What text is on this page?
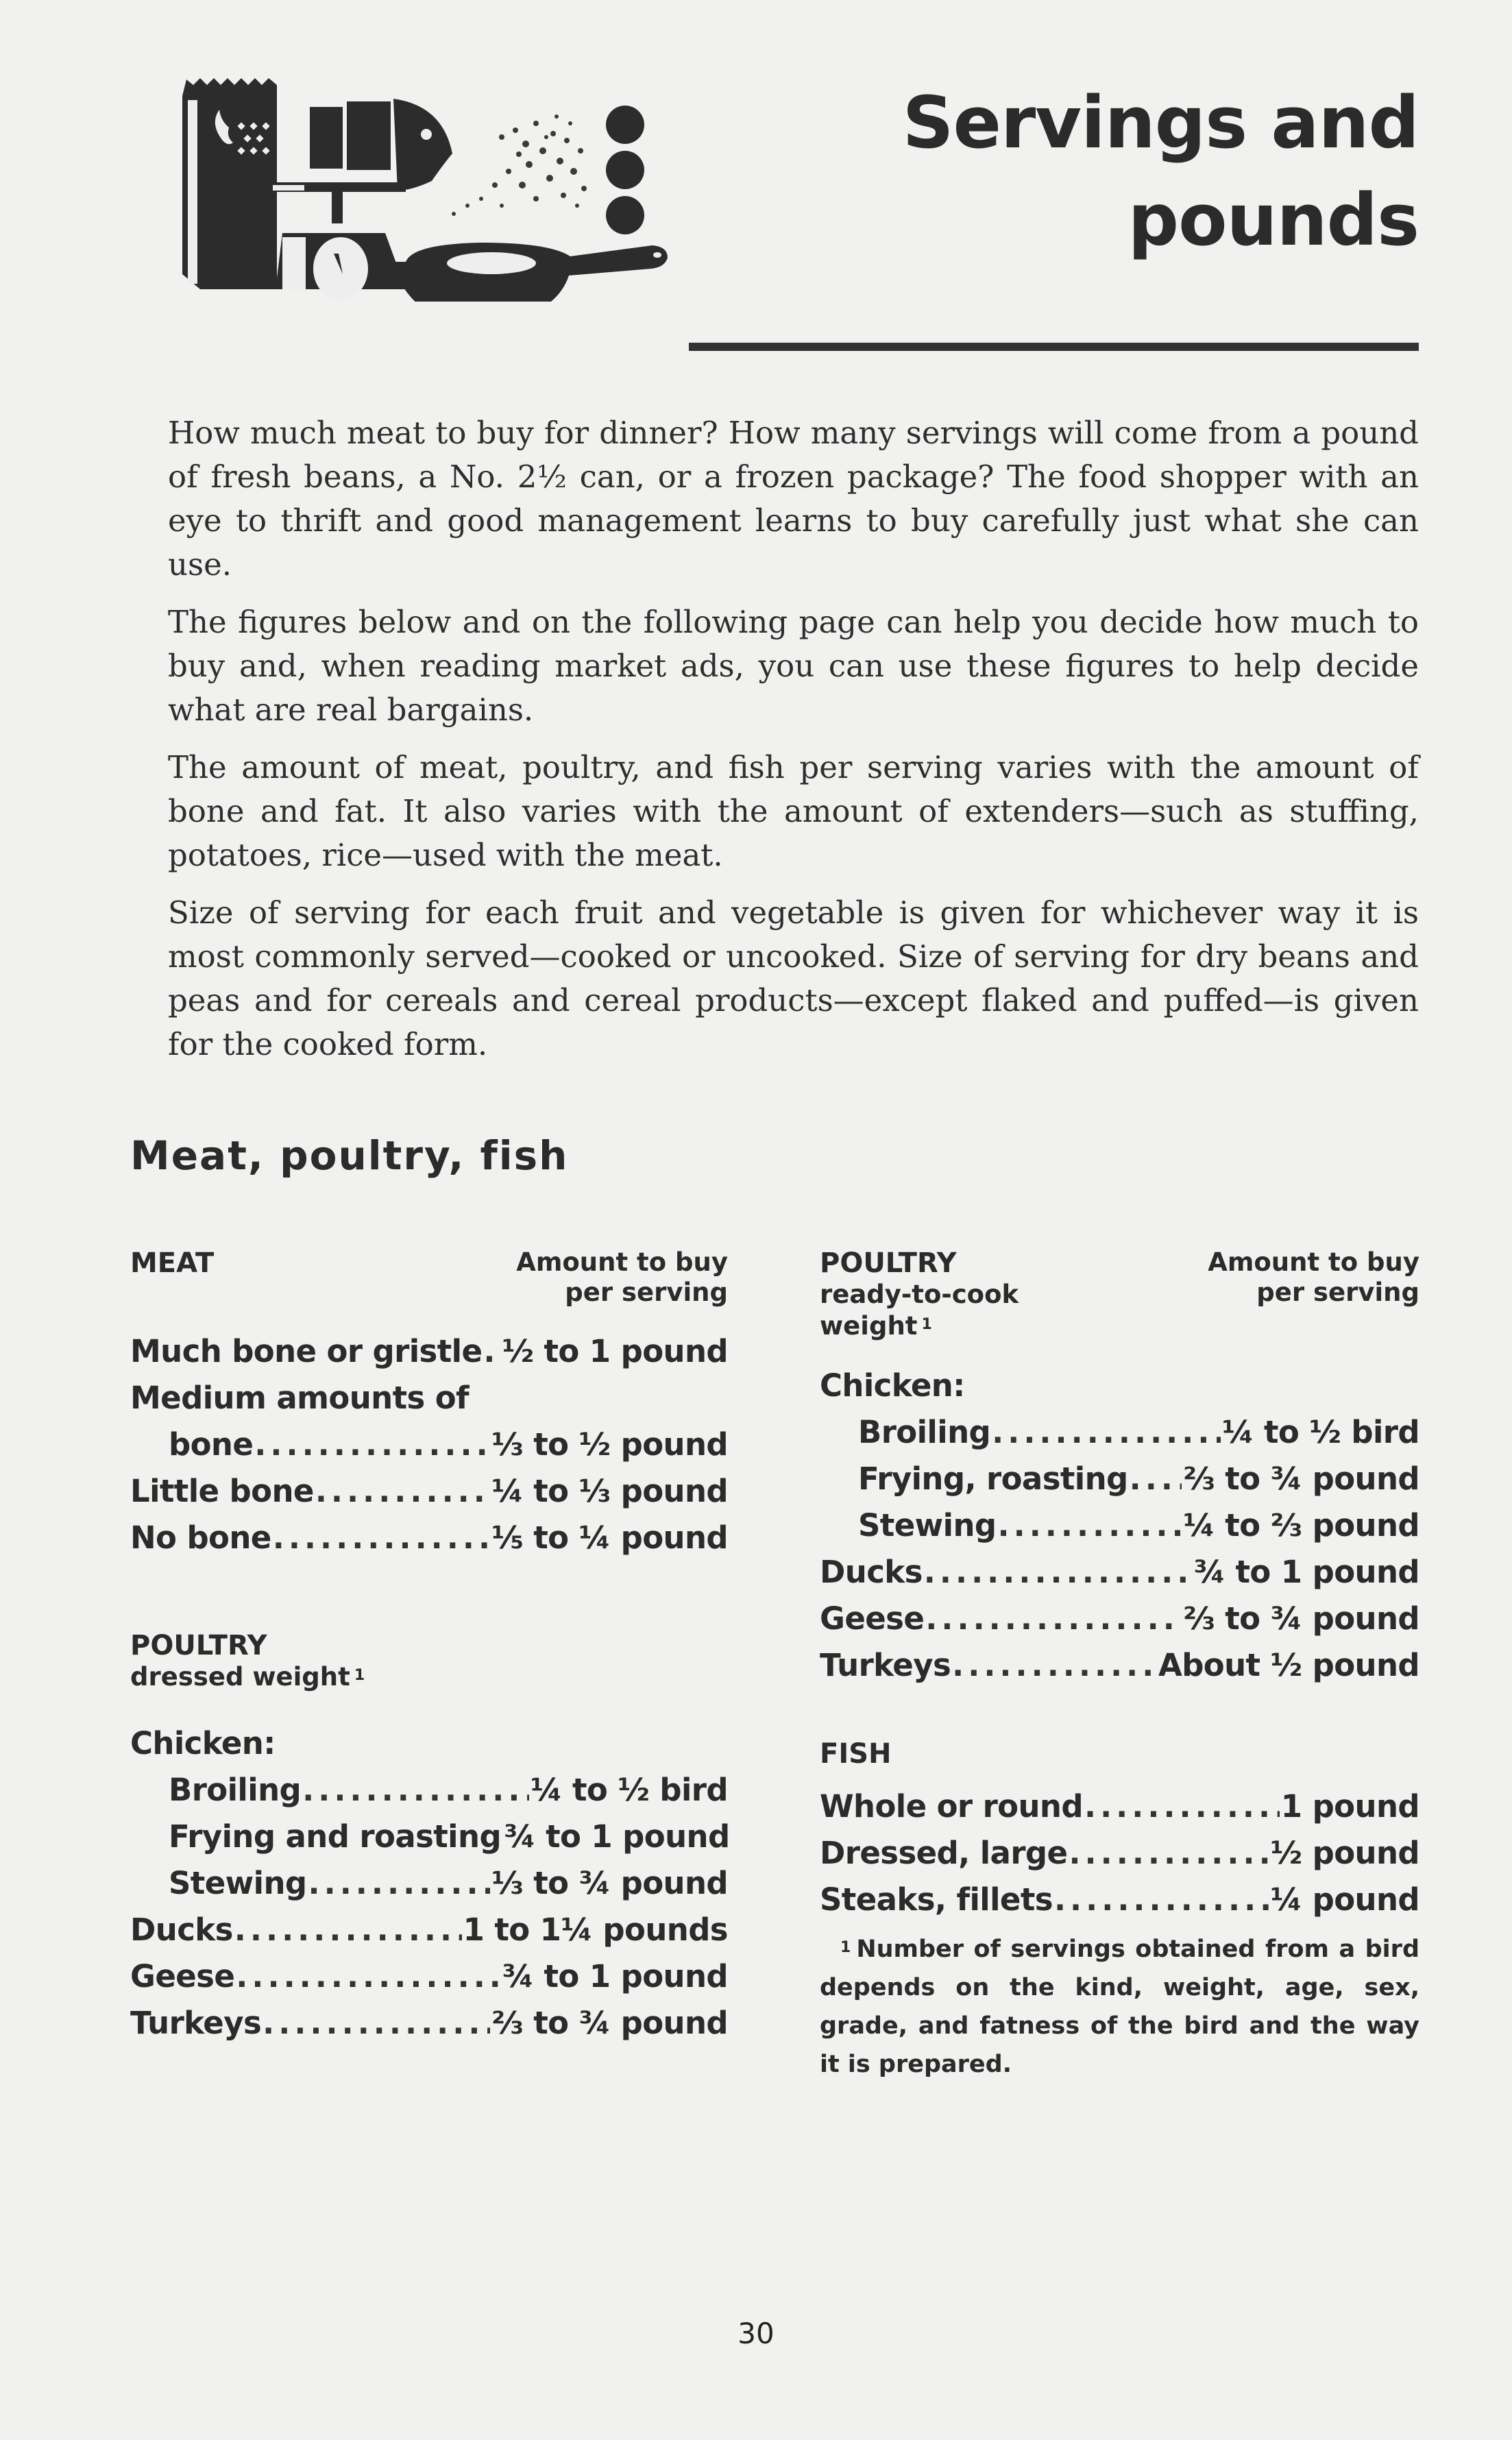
Servings and
pounds

How much meat to buy for dinner? How many servings will come from a pound of fresh beans, a No. 2½ can, or a frozen package? The food shopper with an eye to thrift and good management learns to buy carefully just what she can use.

The figures below and on the following page can help you decide how much to buy and, when reading market ads, you can use these figures to help decide what are real bargains.

The amount of meat, poultry, and fish per serving varies with the amount of bone and fat. It also varies with the amount of extenders—such as stuffing, potatoes, rice—used with the meat.

Size of serving for each fruit and vegetable is given for whichever way it is most commonly served—cooked or uncooked. Size of serving for dry beans and peas and for cereals and cereal products—except flaked and puffed—is given for the cooked form.

Meat, poultry, fish
MEAT	Amount to buy
per serving
Much bone or gristle ..... ½ to 1 pound
Medium amounts of
bone .....	⅓ to ½ pound
Little bone .....	¼ to ⅓ pound
No bone .....	⅕ to ¼ pound
POULTRY
dressed weight $^1$
Chicken:
Broiling .....	¼ to ½ bird
Frying and roasting ¾ to 1 pound
Stewing .....	⅓ to ¾ pound
Ducks .....	1 to 1¼ pounds
Geese .....	¾ to 1 pound
Turkeys .....	⅔ to ¾ pound
POULTRY
ready-to-cook
weight $^1$
Amount to buy
per serving
Chicken:
Broiling .....	¼ to ½ bird
Frying, roasting ..... ⅔ to ¾ pound
Stewing .....	¼ to ⅔ pound
Ducks .....	¾ to 1 pound
Geese .....	⅔ to ¾ pound
Turkeys .....	About ½ pound
FISH
Whole or round .....	1 pound
Dressed, large .....	½ pound
Steaks, fillets .....	¼ pound
$^1$ Number of servings obtained from a bird depends on the kind, weight, age, sex, grade, and fatness of the bird and the way it is prepared.
30
